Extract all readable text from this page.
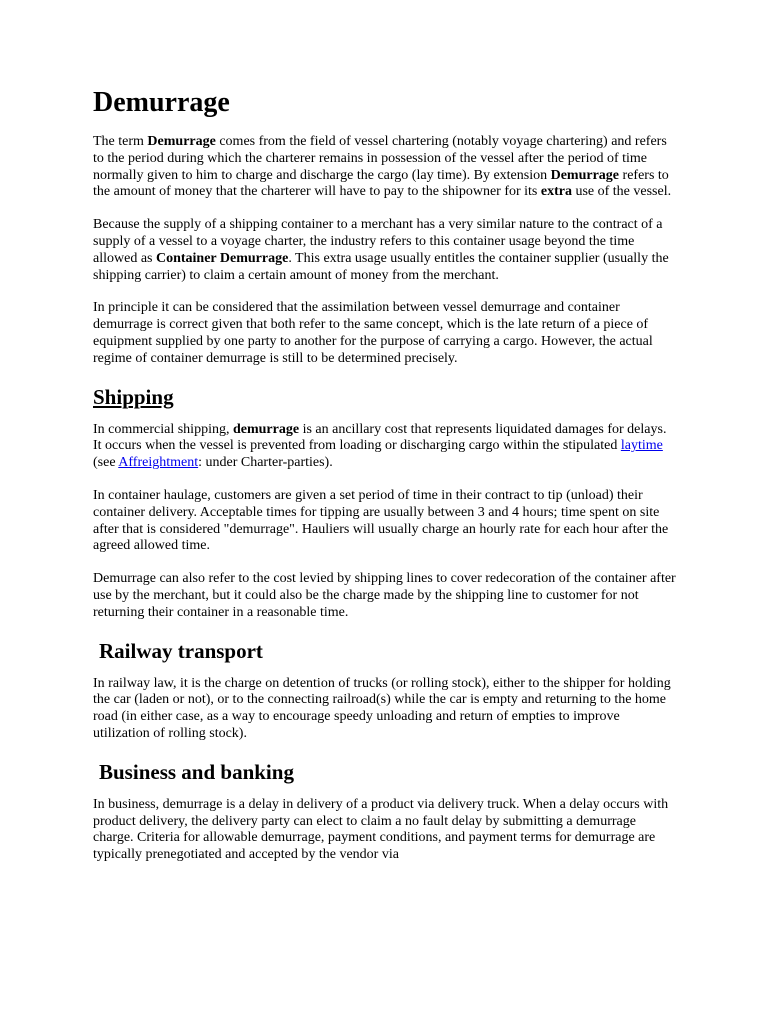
Demurrage

The term Demurrage comes from the field of vessel chartering (notably voyage chartering) and refers to the period during which the charterer remains in possession of the vessel after the period of time normally given to him to charge and discharge the cargo (lay time). By extension Demurrage refers to the amount of money that the charterer will have to pay to the shipowner for its extra use of the vessel.

Because the supply of a shipping container to a merchant has a very similar nature to the contract of a supply of a vessel to a voyage charter, the industry refers to this container usage beyond the time allowed as Container Demurrage. This extra usage usually entitles the container supplier (usually the shipping carrier) to claim a certain amount of money from the merchant.

In principle it can be considered that the assimilation between vessel demurrage and container demurrage is correct given that both refer to the same concept, which is the late return of a piece of equipment supplied by one party to another for the purpose of carrying a cargo. However, the actual regime of container demurrage is still to be determined precisely.

Shipping

In commercial shipping, demurrage is an ancillary cost that represents liquidated damages for delays. It occurs when the vessel is prevented from loading or discharging cargo within the stipulated laytime (see Affreightment: under Charter-parties).

In container haulage, customers are given a set period of time in their contract to tip (unload) their container delivery. Acceptable times for tipping are usually between 3 and 4 hours; time spent on site after that is considered "demurrage". Hauliers will usually charge an hourly rate for each hour after the agreed allowed time.

Demurrage can also refer to the cost levied by shipping lines to cover redecoration of the container after use by the merchant, but it could also be the charge made by the shipping line to customer for not returning their container in a reasonable time.

Railway transport

In railway law, it is the charge on detention of trucks (or rolling stock), either to the shipper for holding the car (laden or not), or to the connecting railroad(s) while the car is empty and returning to the home road (in either case, as a way to encourage speedy unloading and return of empties to improve utilization of rolling stock).

Business and banking

In business, demurrage is a delay in delivery of a product via delivery truck. When a delay occurs with product delivery, the delivery party can elect to claim a no fault delay by submitting a demurrage charge. Criteria for allowable demurrage, payment conditions, and payment terms for demurrage are typically prenegotiated and accepted by the vendor via
